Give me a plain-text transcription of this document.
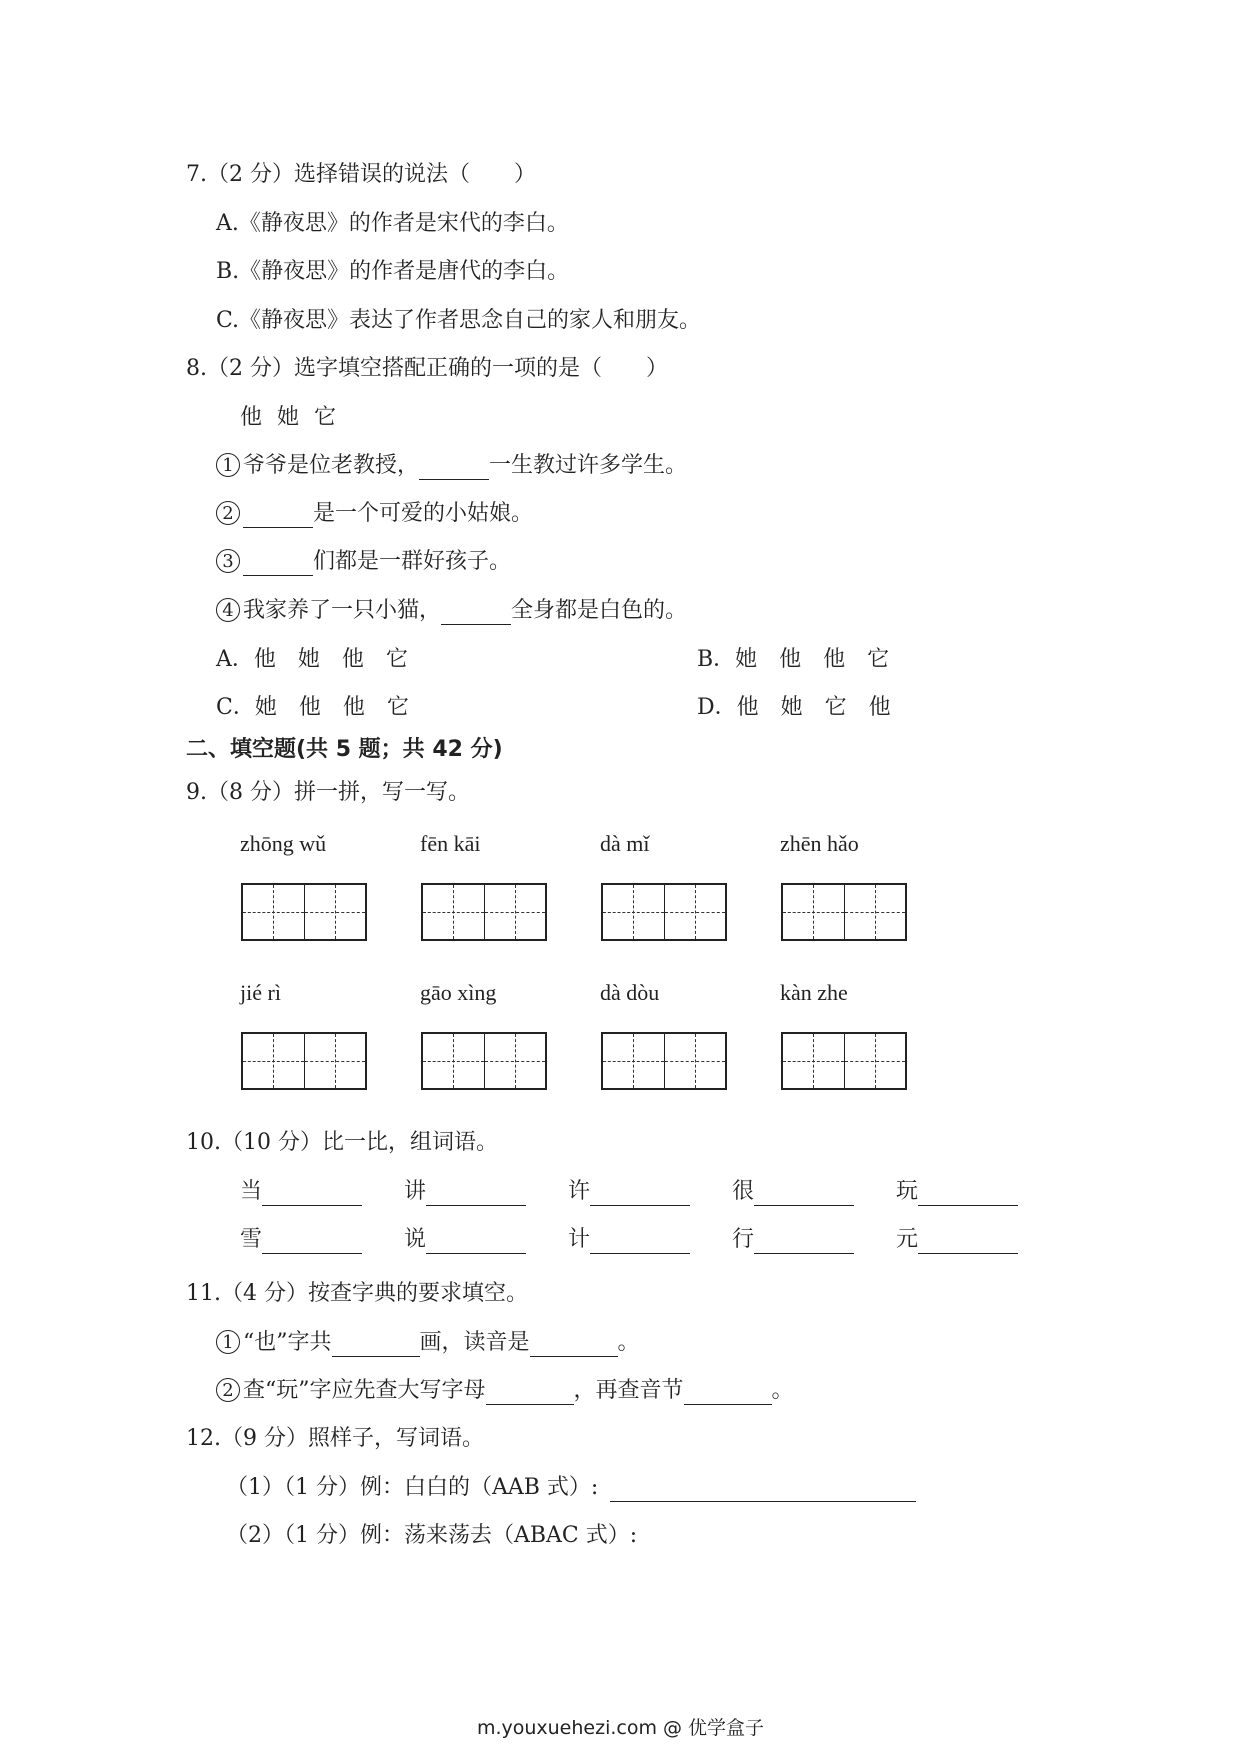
7.（2 分）选择错误的说法（　　）
A.《静夜思》的作者是宋代的李白。
B.《静夜思》的作者是唐代的李白。
C.《静夜思》表达了作者思念自己的家人和朋友。
8.（2 分）选字填空搭配正确的一项的是（　　）
他 她 它
1 爷爷是位老教授，	一生教过许多学生。
2	是一个可爱的小姑娘。
3	们都是一群好孩子。
4 我家养了一只小猫，	全身都是白色的。
A．他　她　他　它	B．她　他　他　它
C．她　他　他　它	D．他　她　它　他
二、填空题(共 5 题；共 42 分)
9.（8 分）拼一拼，写一写。
zhōng wǔ	fēn kāi	dà mǐ	zhēn hǎo
jié rì	gāo xìng	dà dòu	kàn zhe
10.（10 分）比一比，组词语。
当	讲	许	很	玩
雪	说	计	行	元
11.（4 分）按查字典的要求填空。
1 “也”字共	画，读音是	。
2 查“玩”字应先查大写字母	，再查音节	。
12.（9 分）照样子，写词语。
（1）（1 分）例：白白的（AAB 式）:
（2）（1 分）例：荡来荡去（ABAC 式）:
m.youxuehezi.com @ 优学盒子
